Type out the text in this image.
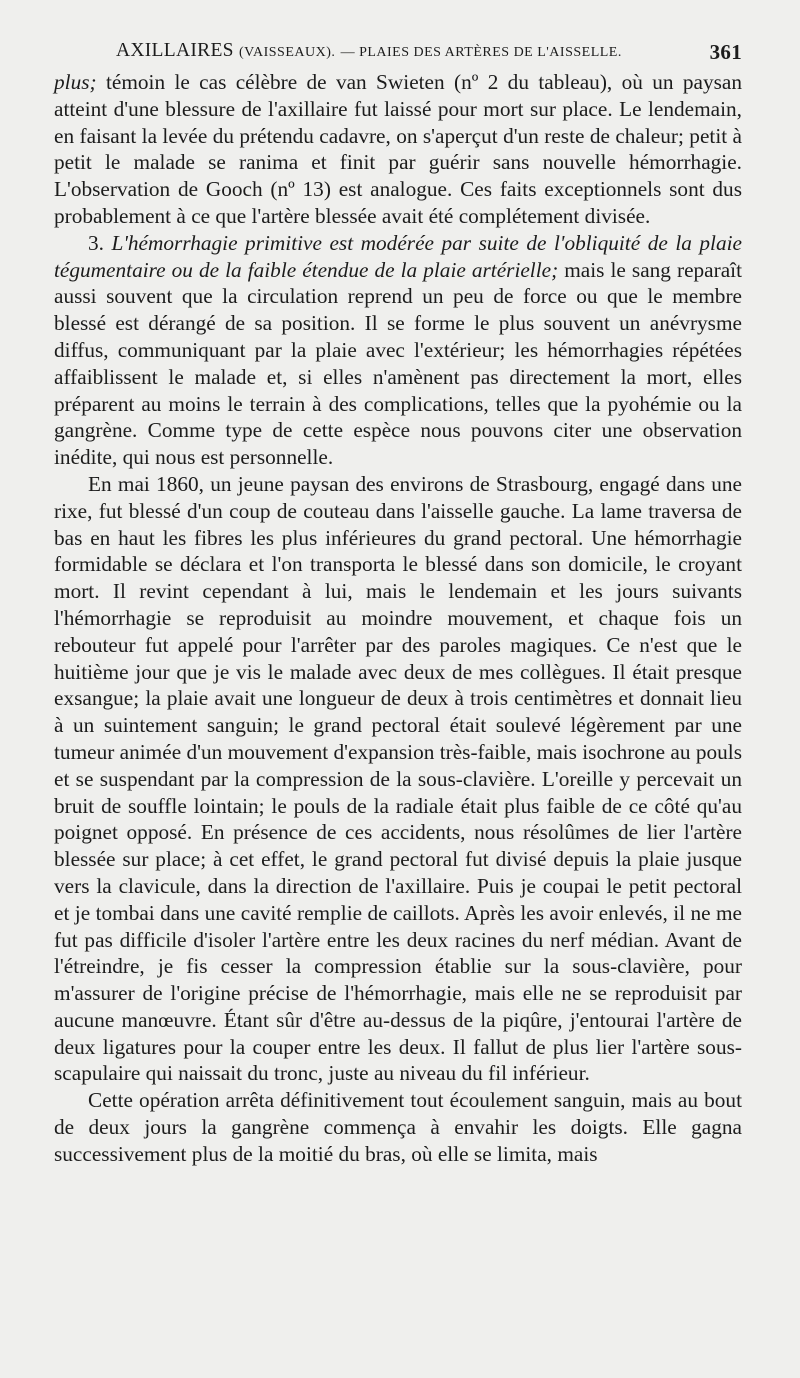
AXILLAIRES (VAISSEAUX). — PLAIES DES ARTÈRES DE L'AISSELLE.	361

plus; témoin le cas célèbre de van Swieten (nº 2 du tableau), où un paysan atteint d'une blessure de l'axillaire fut laissé pour mort sur place. Le lendemain, en faisant la levée du prétendu cadavre, on s'aperçut d'un reste de chaleur; petit à petit le malade se ranima et finit par guérir sans nouvelle hémorrhagie. L'observation de Gooch (nº 13) est analogue. Ces faits exceptionnels sont dus probablement à ce que l'artère blessée avait été complétement divisée.

3. L'hémorrhagie primitive est modérée par suite de l'obliquité de la plaie tégumentaire ou de la faible étendue de la plaie artérielle; mais le sang reparaît aussi souvent que la circulation reprend un peu de force ou que le membre blessé est dérangé de sa position. Il se forme le plus souvent un anévrysme diffus, communiquant par la plaie avec l'extérieur; les hémorrhagies répétées affaiblissent le malade et, si elles n'amènent pas directement la mort, elles préparent au moins le terrain à des complications, telles que la pyohémie ou la gangrène. Comme type de cette espèce nous pouvons citer une observation inédite, qui nous est personnelle.

En mai 1860, un jeune paysan des environs de Strasbourg, engagé dans une rixe, fut blessé d'un coup de couteau dans l'aisselle gauche. La lame traversa de bas en haut les fibres les plus inférieures du grand pectoral. Une hémorrhagie formidable se déclara et l'on transporta le blessé dans son domicile, le croyant mort. Il revint cependant à lui, mais le lendemain et les jours suivants l'hémorrhagie se reproduisit au moindre mouvement, et chaque fois un rebouteur fut appelé pour l'arrêter par des paroles magiques. Ce n'est que le huitième jour que je vis le malade avec deux de mes collègues. Il était presque exsangue; la plaie avait une longueur de deux à trois centimètres et donnait lieu à un suintement sanguin; le grand pectoral était soulevé légèrement par une tumeur animée d'un mouvement d'expansion très-faible, mais isochrone au pouls et se suspendant par la compression de la sous-clavière. L'oreille y percevait un bruit de souffle lointain; le pouls de la radiale était plus faible de ce côté qu'au poignet opposé. En présence de ces accidents, nous résolûmes de lier l'artère blessée sur place; à cet effet, le grand pectoral fut divisé depuis la plaie jusque vers la clavicule, dans la direction de l'axillaire. Puis je coupai le petit pectoral et je tombai dans une cavité remplie de caillots. Après les avoir enlevés, il ne me fut pas difficile d'isoler l'artère entre les deux racines du nerf médian. Avant de l'étreindre, je fis cesser la compression établie sur la sous-clavière, pour m'assurer de l'origine précise de l'hémorrhagie, mais elle ne se reproduisit par aucune manœuvre. Étant sûr d'être au-dessus de la piqûre, j'entourai l'artère de deux ligatures pour la couper entre les deux. Il fallut de plus lier l'artère sous-scapulaire qui naissait du tronc, juste au niveau du fil inférieur.

Cette opération arrêta définitivement tout écoulement sanguin, mais au bout de deux jours la gangrène commença à envahir les doigts. Elle gagna successivement plus de la moitié du bras, où elle se limita, mais
